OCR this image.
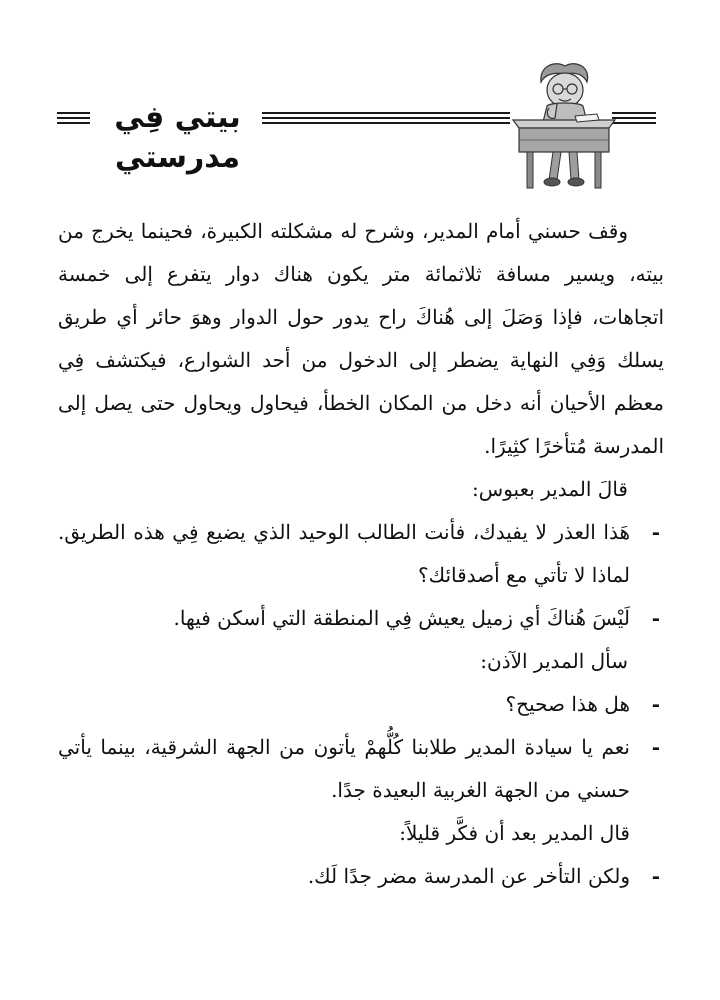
بيتي فِي مدرستي

وقف حسني أمام المدير، وشرح له مشكلته الكبيرة، فحينما يخرج من بيته، ويسير مسافة ثلاثمائة متر يكون هناك دوار يتفرع إلى خمسة اتجاهات، فإذا وَصَلَ إلى هُناكَ راح يدور حول الدوار وهوَ حائر أي طريق يسلك وَفِي النهاية يضطر إلى الدخول من أحد الشوارع، فيكتشف فِي معظم الأحيان أنه دخل من المكان الخطأ، فيحاول ويحاول حتى يصل إلى المدرسة مُتأخرًا كثِيرًا.

قالَ المدير بعبوس:

-
هَذا العذر لا يفيدك، فأنت الطالب الوحيد الذي يضيع فِي هذه الطريق. لماذا لا تأتي مع أصدقائك؟
-
لَيْسَ هُناكَ أي زميل يعيش فِي المنطقة التي أسكن فيها.

سأل المدير الآذن:

-
هل هذا صحيح؟
-
نعم يا سيادة المدير طلابنا كُلُّهمْ يأتون من الجهة الشرقية، بينما يأتي حسني من الجهة الغربية البعيدة جدًا.

قال المدير بعد أن فكَّر قليلاً:

-
ولكن التأخر عن المدرسة مضر جدًا لَك.
